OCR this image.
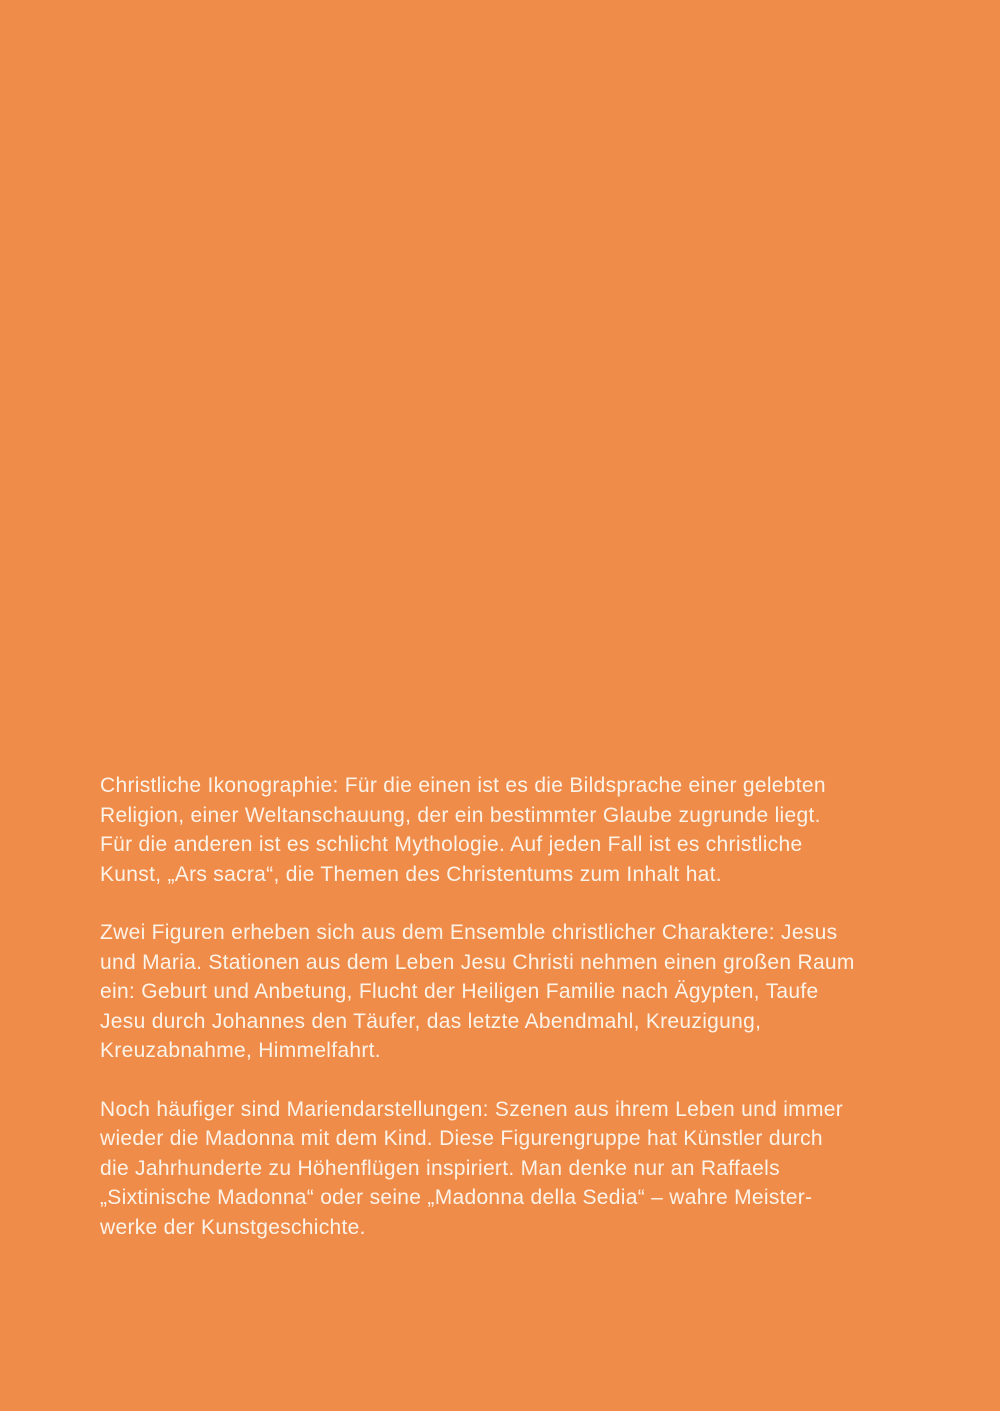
Christliche Ikonographie: Für die einen ist es die Bildsprache einer gelebten
Religion, einer Weltanschauung, der ein bestimmter Glaube zugrunde liegt.
Für die anderen ist es schlicht Mythologie. Auf jeden Fall ist es christliche
Kunst, „Ars sacra“, die Themen des Christentums zum Inhalt hat.
Zwei Figuren erheben sich aus dem Ensemble christlicher Charaktere: Jesus
und Maria. Stationen aus dem Leben Jesu Christi nehmen einen großen Raum
ein: Geburt und Anbetung, Flucht der Heiligen Familie nach Ägypten, Taufe
Jesu durch Johannes den Täufer, das letzte Abendmahl, Kreuzigung,
Kreuzabnahme, Himmelfahrt.
Noch häufiger sind Mariendarstellungen: Szenen aus ihrem Leben und immer
wieder die Madonna mit dem Kind. Diese Figurengruppe hat Künstler durch
die Jahrhunderte zu Höhenflügen inspiriert. Man denke nur an Raffaels
„Sixtinische Madonna“ oder seine „Madonna della Sedia“ – wahre Meister-
werke der Kunstgeschichte.
